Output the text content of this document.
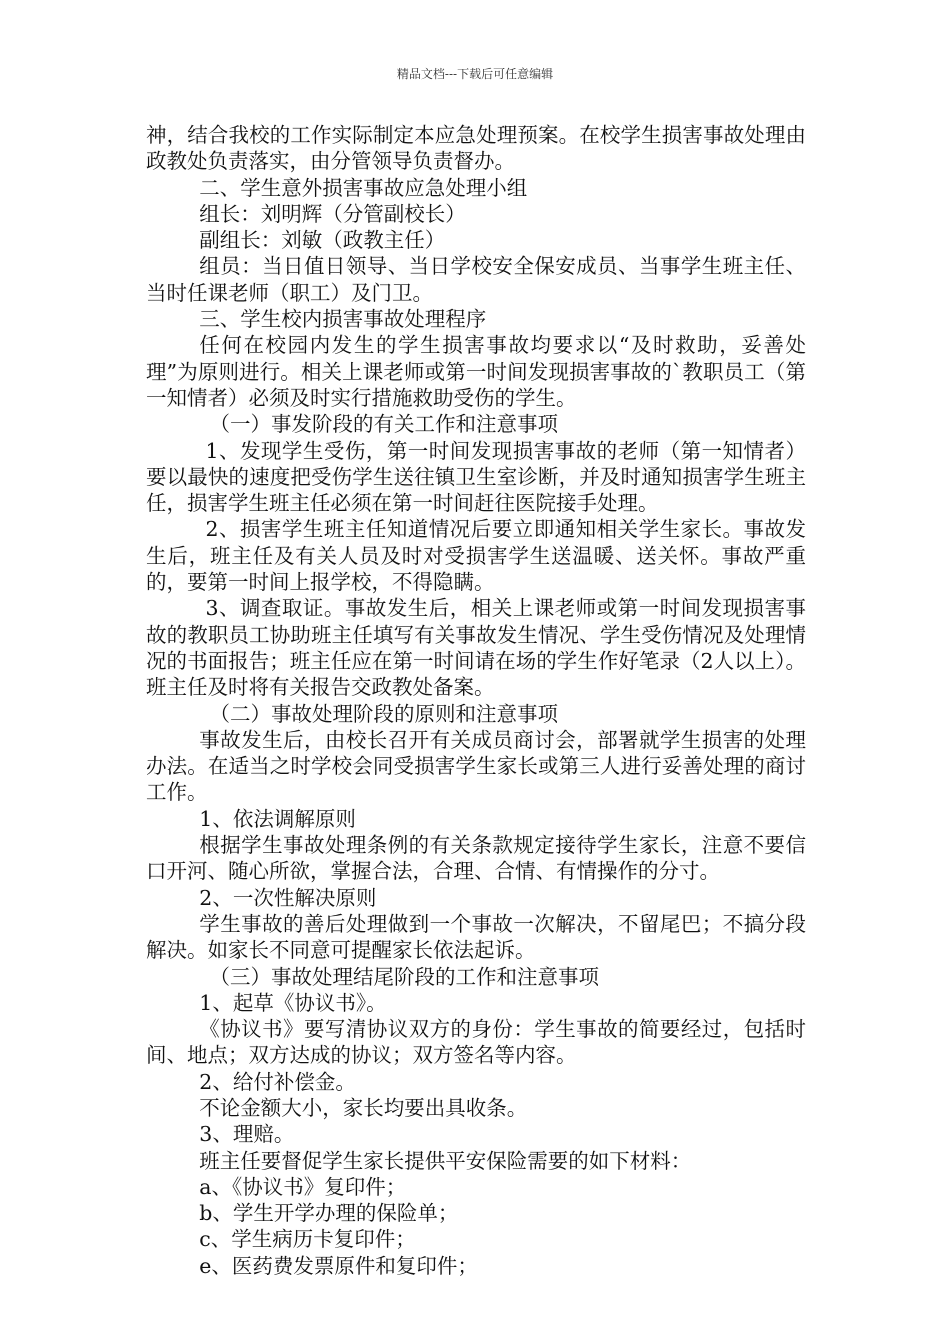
精品文档---下载后可任意编辑

神，结合我校的工作实际制定本应急处理预案。在校学生损害事故处理由政教处负责落实，由分管领导负责督办。

二、学生意外损害事故应急处理小组

组长：刘明辉（分管副校长）

副组长：刘敏（政教主任）

组员：当日值日领导、当日学校安全保安成员、当事学生班主任、当时任课老师（职工）及门卫。

三、学生校内损害事故处理程序

任何在校园内发生的学生损害事故均要求以“及时救助，妥善处理”为原则进行。相关上课老师或第一时间发现损害事故的`教职员工（第一知情者）必须及时实行措施救助受伤的学生。

（一）事发阶段的有关工作和注意事项

1、发现学生受伤，第一时间发现损害事故的老师（第一知情者）要以最快的速度把受伤学生送往镇卫生室诊断，并及时通知损害学生班主任，损害学生班主任必须在第一时间赶往医院接手处理。

2、损害学生班主任知道情况后要立即通知相关学生家长。事故发生后，班主任及有关人员及时对受损害学生送温暖、送关怀。事故严重的，要第一时间上报学校，不得隐瞒。

3、调查取证。事故发生后，相关上课老师或第一时间发现损害事故的教职员工协助班主任填写有关事故发生情况、学生受伤情况及处理情况的书面报告；班主任应在第一时间请在场的学生作好笔录（2人以上）。班主任及时将有关报告交政教处备案。

（二）事故处理阶段的原则和注意事项

事故发生后，由校长召开有关成员商讨会，部署就学生损害的处理办法。在适当之时学校会同受损害学生家长或第三人进行妥善处理的商讨工作。

1、依法调解原则

根据学生事故处理条例的有关条款规定接待学生家长，注意不要信口开河、随心所欲，掌握合法，合理、合情、有情操作的分寸。

2、一次性解决原则

学生事故的善后处理做到一个事故一次解决，不留尾巴；不搞分段解决。如家长不同意可提醒家长依法起诉。

（三）事故处理结尾阶段的工作和注意事项

1、起草《协议书》。

《协议书》要写清协议双方的身份：学生事故的简要经过，包括时间、地点；双方达成的协议；双方签名等内容。

2、给付补偿金。

不论金额大小，家长均要出具收条。

3、理赔。

班主任要督促学生家长提供平安保险需要的如下材料：

a、《协议书》复印件；

b、学生开学办理的保险单；

c、学生病历卡复印件；

e、医药费发票原件和复印件；
